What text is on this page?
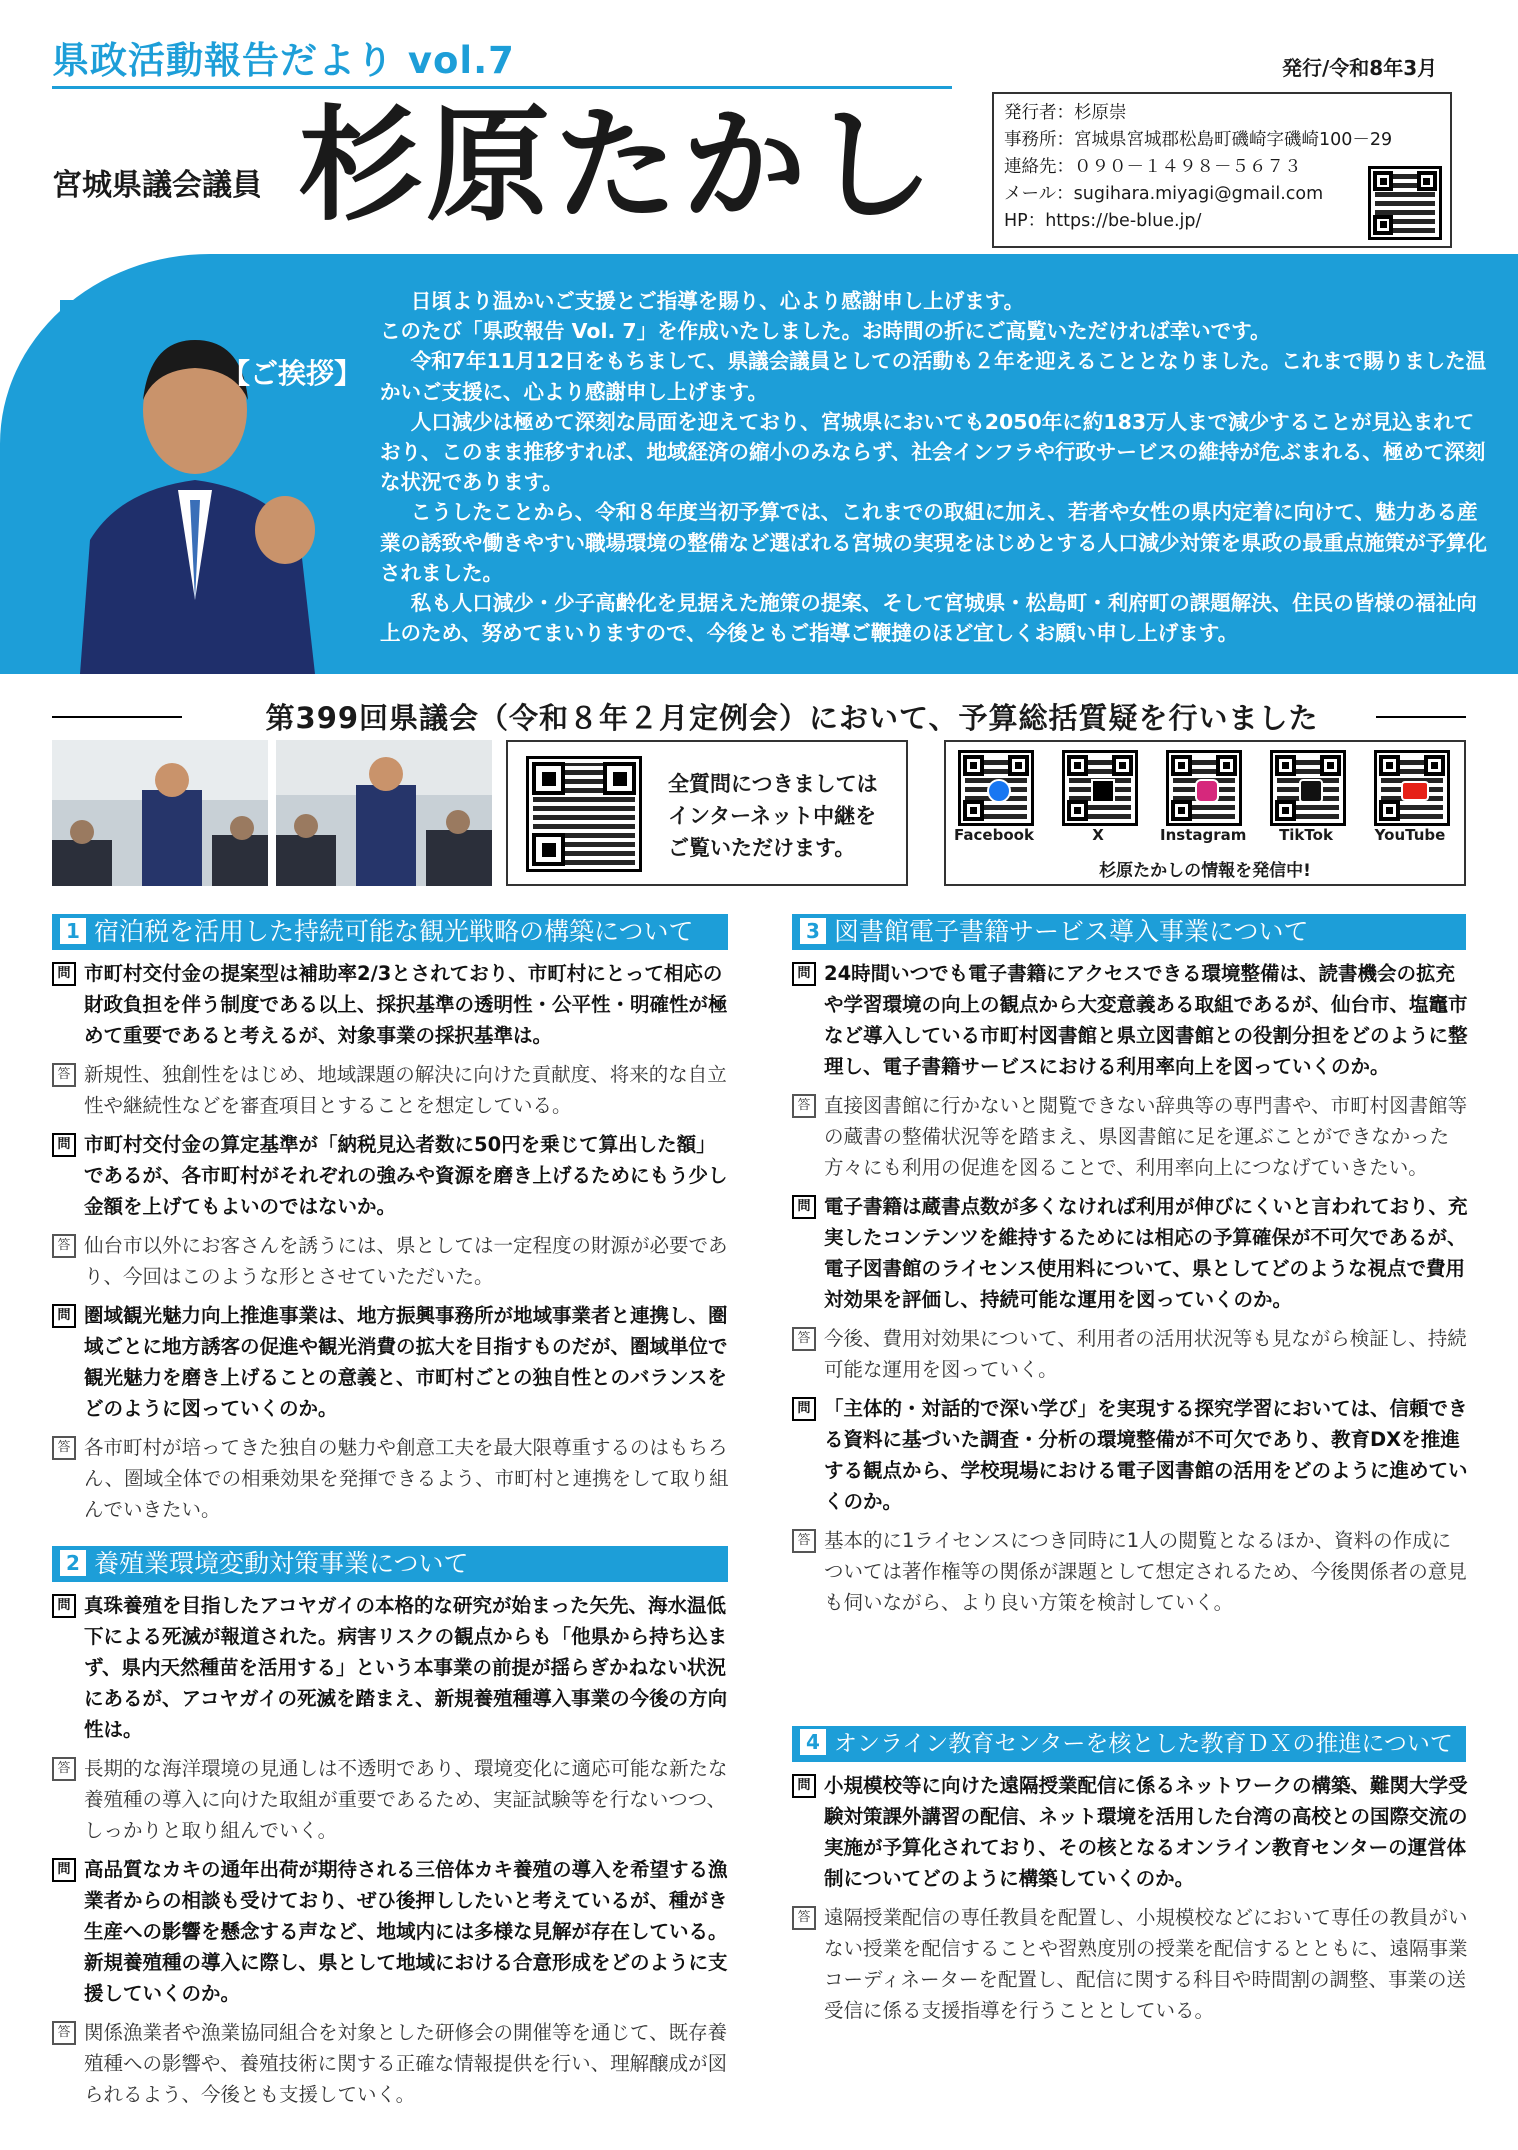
県政活動報告だより vol.7	発行/令和8年3月
宮城県議会議員 杉原たかし	発行者：杉原崇
事務所：宮城県宮城郡松島町磯崎字磯崎100－29
連絡先：０９０－１４９８－５６７３
メール：sugihara.miyagi@gmail.com
HP：https://be-blue.jp/
【ご挨拶】

日頃より温かいご支援とご指導を賜り、心より感謝申し上げます。

このたび「県政報告 Vol. 7」を作成いたしました。お時間の折にご高覧いただければ幸いです。

令和7年11月12日をもちまして、県議会議員としての活動も２年を迎えることとなりました。これまで賜りました温かいご支援に、心より感謝申し上げます。

人口減少は極めて深刻な局面を迎えており、宮城県においても2050年に約183万人まで減少することが見込まれており、このまま推移すれば、地域経済の縮小のみならず、社会インフラや行政サービスの維持が危ぶまれる、極めて深刻な状況であります。

こうしたことから、令和８年度当初予算では、これまでの取組に加え、若者や女性の県内定着に向けて、魅力ある産業の誘致や働きやすい職場環境の整備など選ばれる宮城の実現をはじめとする人口減少対策を県政の最重点施策が予算化されました。

私も人口減少・少子高齢化を見据えた施策の提案、そして宮城県・松島町・利府町の課題解決、住民の皆様の福祉向上のため、努めてまいりますので、今後ともご指導ご鞭撻のほど宜しくお願い申し上げます。

第399回県議会（令和８年２月定例会）において、予算総括質疑を行いました
全質問につきましては
インターネット中継を
ご覧いただけます。
Facebook	X	Instagram	TikTok	YouTube
杉原たかしの情報を発信中!
1 宿泊税を活用した持続可能な観光戦略の構築について
問 市町村交付金の提案型は補助率2/3とされており、市町村にとって相応の財政負担を伴う制度である以上、採択基準の透明性・公平性・明確性が極めて重要であると考えるが、対象事業の採択基準は。
答 新規性、独創性をはじめ、地域課題の解決に向けた貢献度、将来的な自立性や継続性などを審査項目とすることを想定している。
問 市町村交付金の算定基準が「納税見込者数に50円を乗じて算出した額」であるが、各市町村がそれぞれの強みや資源を磨き上げるためにもう少し金額を上げてもよいのではないか。
答 仙台市以外にお客さんを誘うには、県としては一定程度の財源が必要であり、今回はこのような形とさせていただいた。
問 圏域観光魅力向上推進事業は、地方振興事務所が地域事業者と連携し、圏域ごとに地方誘客の促進や観光消費の拡大を目指すものだが、圏域単位で観光魅力を磨き上げることの意義と、市町村ごとの独自性とのバランスをどのように図っていくのか。
答 各市町村が培ってきた独自の魅力や創意工夫を最大限尊重するのはもちろん、圏域全体での相乗効果を発揮できるよう、市町村と連携をして取り組んでいきたい。
2 養殖業環境変動対策事業について
問 真珠養殖を目指したアコヤガイの本格的な研究が始まった矢先、海水温低下による死滅が報道された。病害リスクの観点からも「他県から持ち込まず、県内天然種苗を活用する」という本事業の前提が揺らぎかねない状況にあるが、アコヤガイの死滅を踏まえ、新規養殖種導入事業の今後の方向性は。
答 長期的な海洋環境の見通しは不透明であり、環境変化に適応可能な新たな養殖種の導入に向けた取組が重要であるため、実証試験等を行ないつつ、しっかりと取り組んでいく。
問 高品質なカキの通年出荷が期待される三倍体カキ養殖の導入を希望する漁業者からの相談も受けており、ぜひ後押ししたいと考えているが、種がき生産への影響を懸念する声など、地域内には多様な見解が存在している。新規養殖種の導入に際し、県として地域における合意形成をどのように支援していくのか。
答 関係漁業者や漁業協同組合を対象とした研修会の開催等を通じて、既存養殖種への影響や、養殖技術に関する正確な情報提供を行い、理解醸成が図られるよう、今後とも支援していく。
3 図書館電子書籍サービス導入事業について
問 24時間いつでも電子書籍にアクセスできる環境整備は、読書機会の拡充や学習環境の向上の観点から大変意義ある取組であるが、仙台市、塩竈市など導入している市町村図書館と県立図書館との役割分担をどのように整理し、電子書籍サービスにおける利用率向上を図っていくのか。
答 直接図書館に行かないと閲覧できない辞典等の専門書や、市町村図書館等の蔵書の整備状況等を踏まえ、県図書館に足を運ぶことができなかった方々にも利用の促進を図ることで、利用率向上につなげていきたい。
問 電子書籍は蔵書点数が多くなければ利用が伸びにくいと言われており、充実したコンテンツを維持するためには相応の予算確保が不可欠であるが、電子図書館のライセンス使用料について、県としてどのような視点で費用対効果を評価し、持続可能な運用を図っていくのか。
答 今後、費用対効果について、利用者の活用状況等も見ながら検証し、持続可能な運用を図っていく。
問 「主体的・対話的で深い学び」を実現する探究学習においては、信頼できる資料に基づいた調査・分析の環境整備が不可欠であり、教育DXを推進する観点から、学校現場における電子図書館の活用をどのように進めていくのか。
答 基本的に1ライセンスにつき同時に1人の閲覧となるほか、資料の作成については著作権等の関係が課題として想定されるため、今後関係者の意見も伺いながら、より良い方策を検討していく。
4 オンライン教育センターを核とした教育ＤＸの推進について
問 小規模校等に向けた遠隔授業配信に係るネットワークの構築、難関大学受験対策課外講習の配信、ネット環境を活用した台湾の高校との国際交流の実施が予算化されており、その核となるオンライン教育センターの運営体制についてどのように構築していくのか。
答 遠隔授業配信の専任教員を配置し、小規模校などにおいて専任の教員がいない授業を配信することや習熟度別の授業を配信するとともに、遠隔事業コーディネーターを配置し、配信に関する科目や時間割の調整、事業の送受信に係る支援指導を行うこととしている。
